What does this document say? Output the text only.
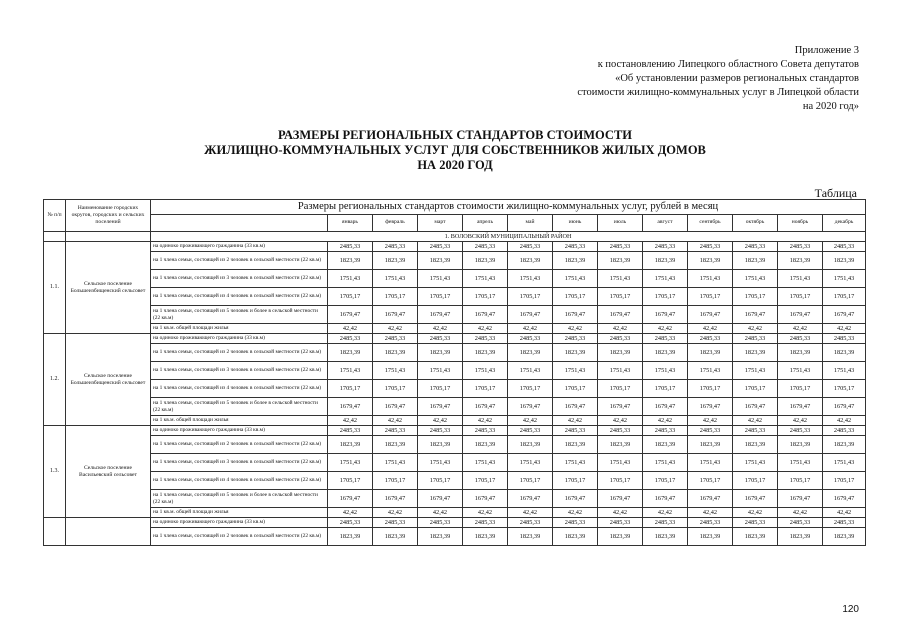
Приложение 3
к постановлению Липецкого областного Совета депутатов
«Об установлении размеров региональных стандартов
стоимости жилищно-коммунальных услуг в Липецкой области
на 2020 год»
РАЗМЕРЫ РЕГИОНАЛЬНЫХ СТАНДАРТОВ СТОИМОСТИ
ЖИЛИЩНО-КОММУНАЛЬНЫХ УСЛУГ ДЛЯ СОБСТВЕННИКОВ ЖИЛЫХ ДОМОВ
НА 2020 ГОД
Таблица
№ п/п	Наименование городских округов, городских и сельских поселений	Размеры региональных стандартов стоимости жилищно-коммунальных услуг, рублей в месяц												
			январь	февраль	март	апрель	май	июнь	июль	август	сентябрь	октябрь	ноябрь	декабрь
		1. ВОЛОВСКИЙ МУНИЦИПАЛЬНЫЙ РАЙОН												
1.1.	Сельское поселение Большеизбищенский сельсовет	на одиноко проживающего гражданина (33 кв.м)	2485,33	2485,33	2485,33	2485,33	2485,33	2485,33	2485,33	2485,33	2485,33	2485,33	2485,33	2485,33
		на 1 члена семьи, состоящей из 2 человек в сельской местности (22 кв.м)	1823,39	1823,39	1823,39	1823,39	1823,39	1823,39	1823,39	1823,39	1823,39	1823,39	1823,39	1823,39
		на 1 члена семьи, состоящей из 3 человек в сельской местности (22 кв.м)	1751,43	1751,43	1751,43	1751,43	1751,43	1751,43	1751,43	1751,43	1751,43	1751,43	1751,43	1751,43
		на 1 члена семьи, состоящей из 4 человек в сельской местности (22 кв.м)	1705,17	1705,17	1705,17	1705,17	1705,17	1705,17	1705,17	1705,17	1705,17	1705,17	1705,17	1705,17
		на 1 члена семьи, состоящей из 5 человек и более в сельской местности (22 кв.м)	1679,47	1679,47	1679,47	1679,47	1679,47	1679,47	1679,47	1679,47	1679,47	1679,47	1679,47	1679,47
		на 1 кв.м. общей площади жилья	42,42	42,42	42,42	42,42	42,42	42,42	42,42	42,42	42,42	42,42	42,42	42,42
1.2.	Сельское поселение Большеизбищенский сельсовет	на одиноко проживающего гражданина (33 кв.м)	2485,33	2485,33	2485,33	2485,33	2485,33	2485,33	2485,33	2485,33	2485,33	2485,33	2485,33	2485,33
		на 1 члена семьи, состоящей из 2 человек в сельской местности (22 кв.м)	1823,39	1823,39	1823,39	1823,39	1823,39	1823,39	1823,39	1823,39	1823,39	1823,39	1823,39	1823,39
		на 1 члена семьи, состоящей из 3 человек в сельской местности (22 кв.м)	1751,43	1751,43	1751,43	1751,43	1751,43	1751,43	1751,43	1751,43	1751,43	1751,43	1751,43	1751,43
		на 1 члена семьи, состоящей из 4 человек в сельской местности (22 кв.м)	1705,17	1705,17	1705,17	1705,17	1705,17	1705,17	1705,17	1705,17	1705,17	1705,17	1705,17	1705,17
		на 1 члена семьи, состоящей из 5 человек и более в сельской местности (22 кв.м)	1679,47	1679,47	1679,47	1679,47	1679,47	1679,47	1679,47	1679,47	1679,47	1679,47	1679,47	1679,47
		на 1 кв.м. общей площади жилья	42,42	42,42	42,42	42,42	42,42	42,42	42,42	42,42	42,42	42,42	42,42	42,42
1.3.	Сельское поселение Васильевский сельсовет	на одиноко проживающего гражданина (33 кв.м)	2485,33	2485,33	2485,33	2485,33	2485,33	2485,33	2485,33	2485,33	2485,33	2485,33	2485,33	2485,33
		на 1 члена семьи, состоящей из 2 человек в сельской местности (22 кв.м)	1823,39	1823,39	1823,39	1823,39	1823,39	1823,39	1823,39	1823,39	1823,39	1823,39	1823,39	1823,39
		на 1 члена семьи, состоящей из 3 человек в сельской местности (22 кв.м)	1751,43	1751,43	1751,43	1751,43	1751,43	1751,43	1751,43	1751,43	1751,43	1751,43	1751,43	1751,43
		на 1 члена семьи, состоящей из 4 человек в сельской местности (22 кв.м)	1705,17	1705,17	1705,17	1705,17	1705,17	1705,17	1705,17	1705,17	1705,17	1705,17	1705,17	1705,17
		на 1 члена семьи, состоящей из 5 человек и более в сельской местности (22 кв.м)	1679,47	1679,47	1679,47	1679,47	1679,47	1679,47	1679,47	1679,47	1679,47	1679,47	1679,47	1679,47
		на 1 кв.м. общей площади жилья	42,42	42,42	42,42	42,42	42,42	42,42	42,42	42,42	42,42	42,42	42,42	42,42
		на одиноко проживающего гражданина (33 кв.м)	2485,33	2485,33	2485,33	2485,33	2485,33	2485,33	2485,33	2485,33	2485,33	2485,33	2485,33	2485,33
		на 1 члена семьи, состоящей из 2 человек в сельской местности (22 кв.м)	1823,39	1823,39	1823,39	1823,39	1823,39	1823,39	1823,39	1823,39	1823,39	1823,39	1823,39	1823,39
120
